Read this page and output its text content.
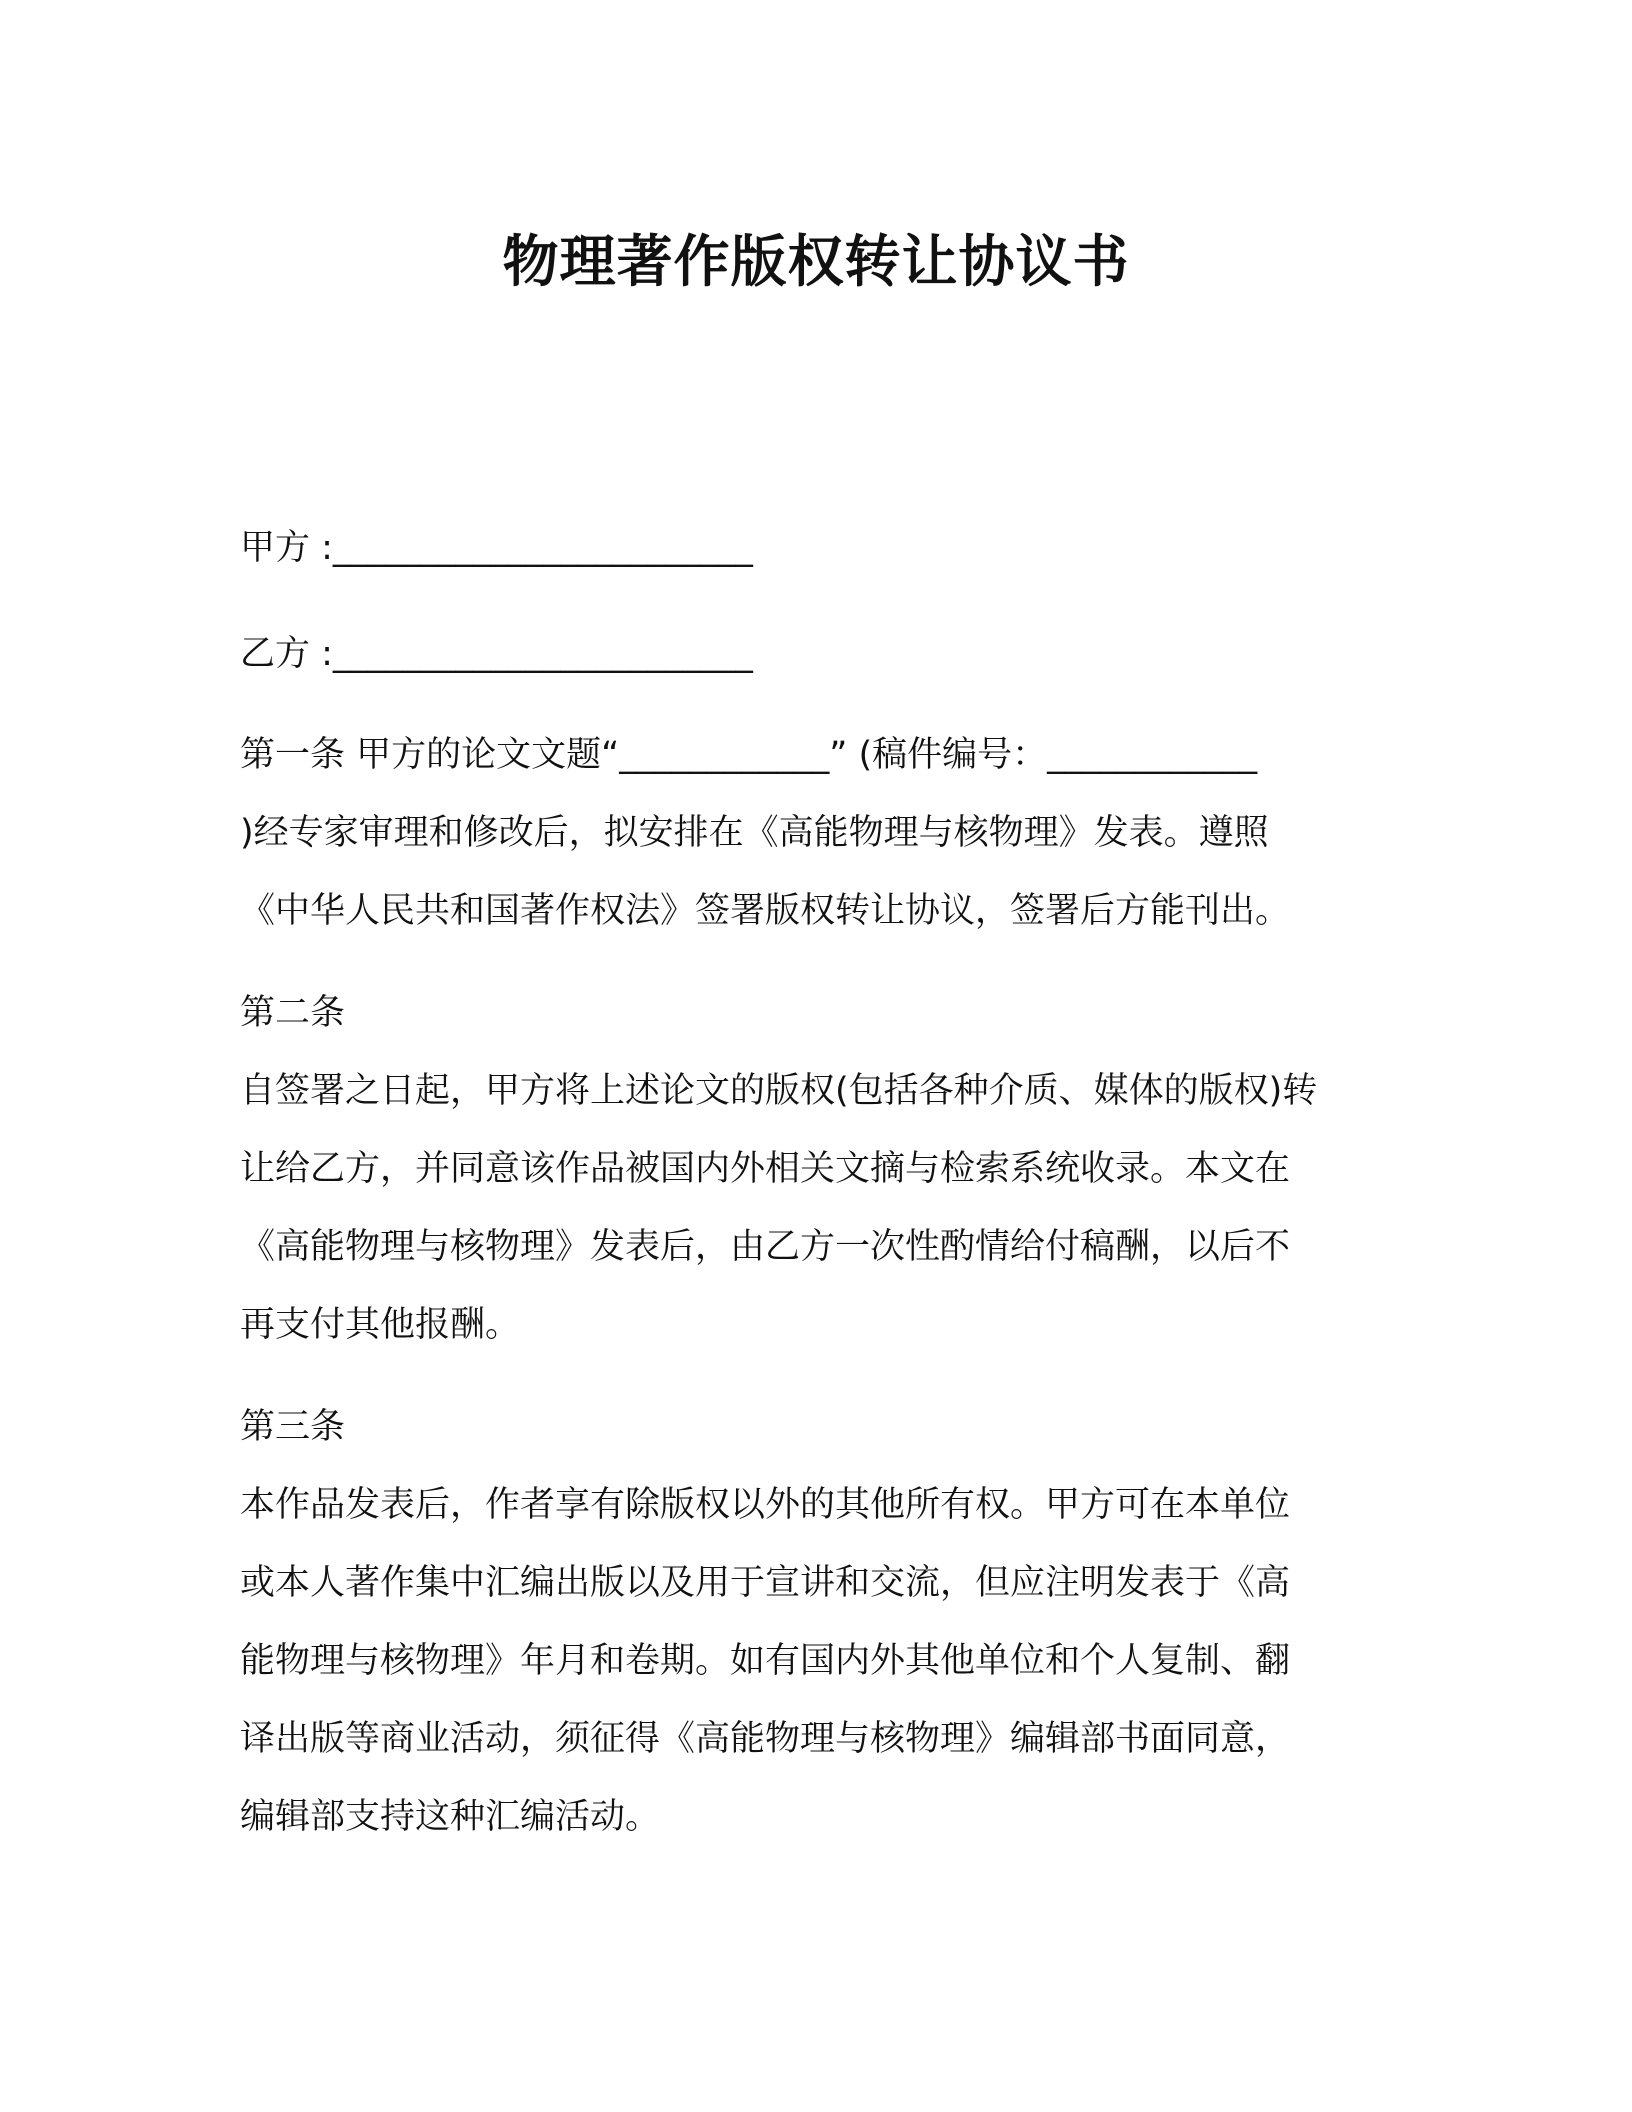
物理著作版权转让协议书
甲方 :________________________
乙方 :________________________
第一条 甲方的论文文题“____________” (稿件编号：____________
)经专家审理和修改后，拟安排在《高能物理与核物理》发表。遵照
《中华人民共和国著作权法》签署版权转让协议，签署后方能刊出。
第二条
自签署之日起，甲方将上述论文的版权(包括各种介质、媒体的版权)转
让给乙方，并同意该作品被国内外相关文摘与检索系统收录。本文在
《高能物理与核物理》发表后，由乙方一次性酌情给付稿酬，以后不
再支付其他报酬。
第三条
本作品发表后，作者享有除版权以外的其他所有权。甲方可在本单位
或本人著作集中汇编出版以及用于宣讲和交流，但应注明发表于《高
能物理与核物理》年月和卷期。如有国内外其他单位和个人复制、翻
译出版等商业活动，须征得《高能物理与核物理》编辑部书面同意，
编辑部支持这种汇编活动。
